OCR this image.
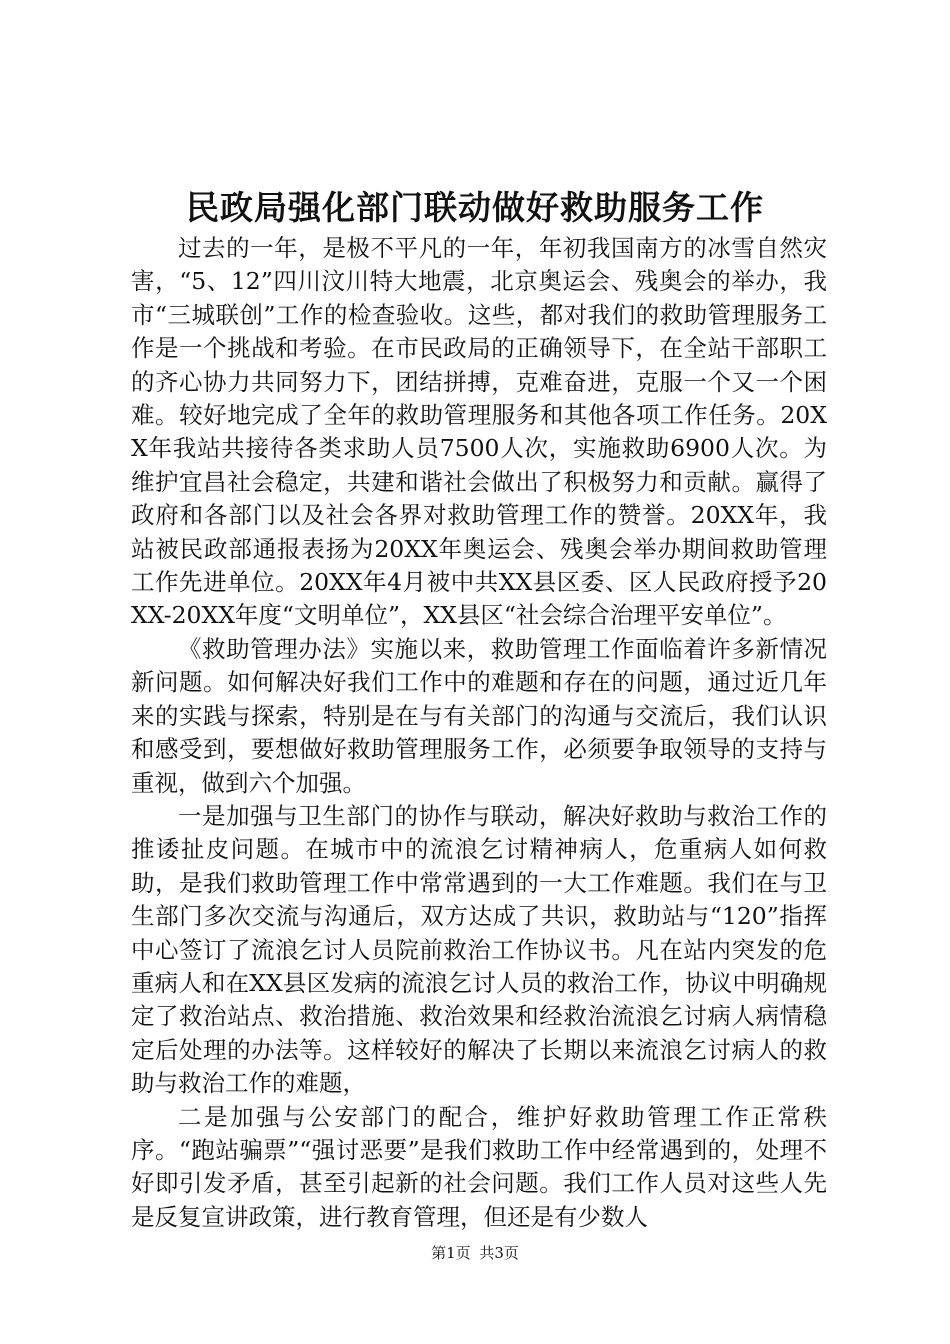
民政局强化部门联动做好救助服务工作

过去的一年，是极不平凡的一年，年初我国南方的冰雪自然灾害，“5、12”四川汶川特大地震，北京奥运会、残奥会的举办，我市“三城联创”工作的检查验收。这些，都对我们的救助管理服务工作是一个挑战和考验。在市民政局的正确领导下，在全站干部职工的齐心协力共同努力下，团结拼搏，克难奋进，克服一个又一个困难。较好地完成了全年的救助管理服务和其他各项工作任务。20XX年我站共接待各类求助人员7500人次，实施救助6900人次。为维护宜昌社会稳定，共建和谐社会做出了积极努力和贡献。赢得了政府和各部门以及社会各界对救助管理工作的赞誉。20XX年，我站被民政部通报表扬为20XX年奥运会、残奥会举办期间救助管理工作先进单位。20XX年4月被中共XX县区委、区人民政府授予20XX-20XX年度“文明单位”，XX县区“社会综合治理平安单位”。

《救助管理办法》实施以来，救助管理工作面临着许多新情况新问题。如何解决好我们工作中的难题和存在的问题，通过近几年来的实践与探索，特别是在与有关部门的沟通与交流后，我们认识和感受到，要想做好救助管理服务工作，必须要争取领导的支持与重视，做到六个加强。

一是加强与卫生部门的协作与联动，解决好救助与救治工作的推诿扯皮问题。在城市中的流浪乞讨精神病人，危重病人如何救助，是我们救助管理工作中常常遇到的一大工作难题。我们在与卫生部门多次交流与沟通后，双方达成了共识，救助站与“120”指挥中心签订了流浪乞讨人员院前救治工作协议书。凡在站内突发的危重病人和在XX县区发病的流浪乞讨人员的救治工作，协议中明确规定了救治站点、救治措施、救治效果和经救治流浪乞讨病人病情稳定后处理的办法等。这样较好的解决了长期以来流浪乞讨病人的救助与救治工作的难题，

二是加强与公安部门的配合，维护好救助管理工作正常秩序。“跑站骗票”“强讨恶要”是我们救助工作中经常遇到的，处理不好即引发矛盾，甚至引起新的社会问题。我们工作人员对这些人先是反复宣讲政策，进行教育管理，但还是有少数人

第1页 共3页
